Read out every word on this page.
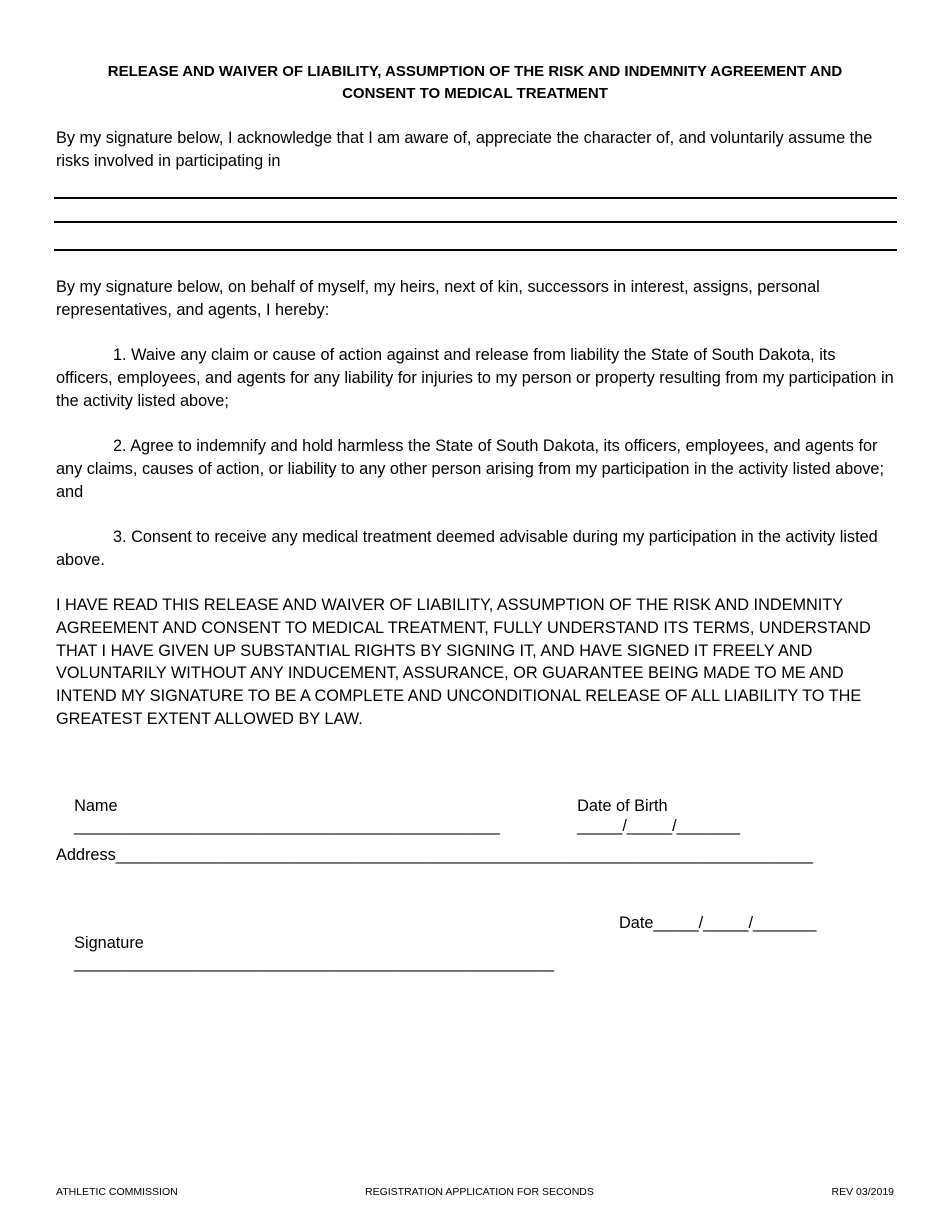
RELEASE AND WAIVER OF LIABILITY, ASSUMPTION OF THE RISK AND INDEMNITY AGREEMENT AND
CONSENT TO MEDICAL TREATMENT

By my signature below, I acknowledge that I am aware of, appreciate the character of, and voluntarily assume the risks involved in participating in

By my signature below, on behalf of myself, my heirs, next of kin, successors in interest, assigns, personal representatives, and agents, I hereby:

1. Waive any claim or cause of action against and release from liability the State of South Dakota, its officers, employees, and agents for any liability for injuries to my person or property resulting from my participation in the activity listed above;

2. Agree to indemnify and hold harmless the State of South Dakota, its officers, employees, and agents for any claims, causes of action, or liability to any other person arising from my participation in the activity listed above; and

3. Consent to receive any medical treatment deemed advisable during my participation in the activity listed above.

I HAVE READ THIS RELEASE AND WAIVER OF LIABILITY, ASSUMPTION OF THE RISK AND INDEMNITY AGREEMENT AND CONSENT TO MEDICAL TREATMENT, FULLY UNDERSTAND ITS TERMS, UNDERSTAND THAT I HAVE GIVEN UP SUBSTANTIAL RIGHTS BY SIGNING IT, AND HAVE SIGNED IT FREELY AND VOLUNTARILY WITHOUT ANY INDUCEMENT, ASSURANCE, OR GUARANTEE BEING MADE TO ME AND INTEND MY SIGNATURE TO BE A COMPLETE AND UNCONDITIONAL RELEASE OF ALL LIABILITY TO THE GREATEST EXTENT ALLOWED BY LAW.

Name
_______________________________________________

Date of Birth
_____/_____/_______

Address_____________________________________________________________________________

Signature
_____________________________________________________

Date_____/_____/_______
ATHLETIC COMMISSION	REGISTRATION APPLICATION FOR SECONDS	REV 03/2019
